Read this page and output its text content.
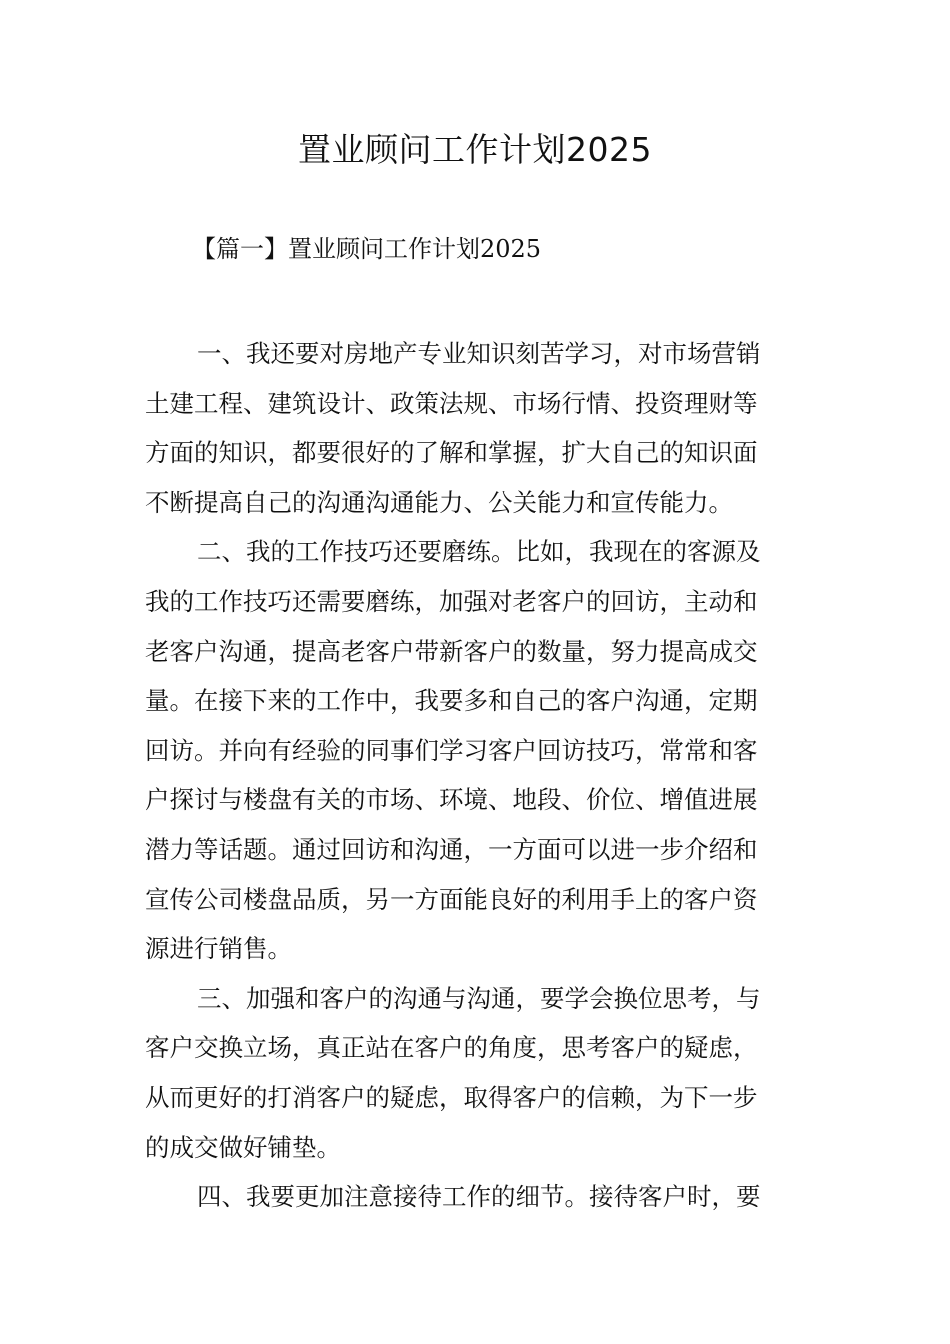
置业顾问工作计划2025
【篇一】置业顾问工作计划2025

一、我还要对房地产专业知识刻苦学习，对市场营销
土建工程、建筑设计、政策法规、市场行情、投资理财等
方面的知识，都要很好的了解和掌握，扩大自己的知识面
不断提高自己的沟通沟通能力、公关能力和宣传能力。

二、我的工作技巧还要磨练。比如，我现在的客源及
我的工作技巧还需要磨练，加强对老客户的回访，主动和
老客户沟通，提高老客户带新客户的数量，努力提高成交
量。在接下来的工作中，我要多和自己的客户沟通，定期
回访。并向有经验的同事们学习客户回访技巧，常常和客
户探讨与楼盘有关的市场、环境、地段、价位、增值进展
潜力等话题。通过回访和沟通，一方面可以进一步介绍和
宣传公司楼盘品质，另一方面能良好的利用手上的客户资
源进行销售。

三、加强和客户的沟通与沟通，要学会换位思考，与
客户交换立场，真正站在客户的角度，思考客户的疑虑，
从而更好的打消客户的疑虑，取得客户的信赖，为下一步
的成交做好铺垫。

四、我要更加注意接待工作的细节。接待客户时，要
